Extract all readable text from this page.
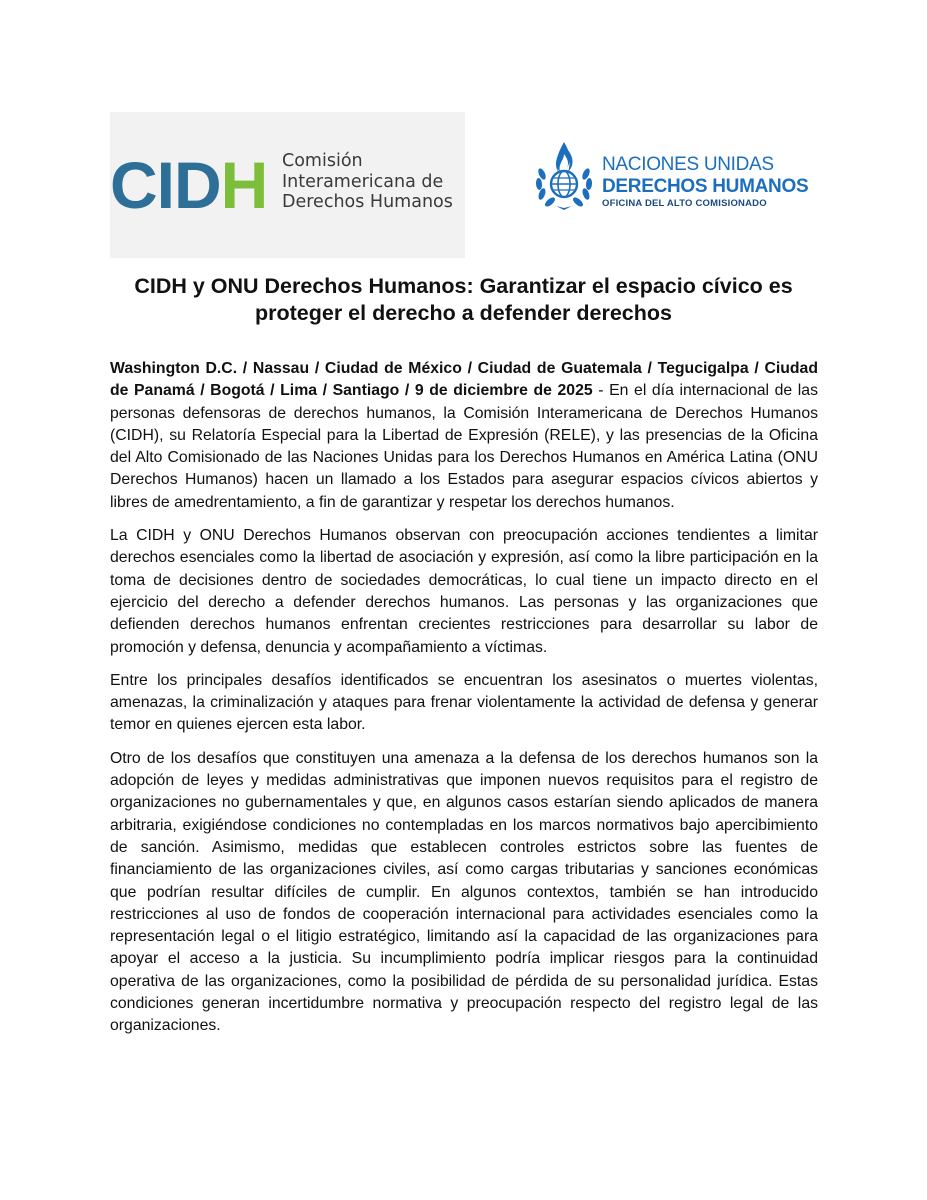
CIDH Comisión
Interamericana de
Derechos Humanos
NACIONES UNIDAS
DERECHOS HUMANOS
OFICINA DEL ALTO COMISIONADO
CIDH y ONU Derechos Humanos: Garantizar el espacio cívico es proteger el derecho a defender derechos

Washington D.C. / Nassau / Ciudad de México / Ciudad de Guatemala / Tegucigalpa / Ciudad de Panamá / Bogotá / Lima / Santiago / 9 de diciembre de 2025 - En el día internacional de las personas defensoras de derechos humanos, la Comisión Interamericana de Derechos Humanos (CIDH), su Relatoría Especial para la Libertad de Expresión (RELE), y las presencias de la Oficina del Alto Comisionado de las Naciones Unidas para los Derechos Humanos en América Latina (ONU Derechos Humanos) hacen un llamado a los Estados para asegurar espacios cívicos abiertos y libres de amedrentamiento, a fin de garantizar y respetar los derechos humanos.

La CIDH y ONU Derechos Humanos observan con preocupación acciones tendientes a limitar derechos esenciales como la libertad de asociación y expresión, así como la libre participación en la toma de decisiones dentro de sociedades democráticas, lo cual tiene un impacto directo en el ejercicio del derecho a defender derechos humanos. Las personas y las organizaciones que defienden derechos humanos enfrentan crecientes restricciones para desarrollar su labor de promoción y defensa, denuncia y acompañamiento a víctimas.

Entre los principales desafíos identificados se encuentran los asesinatos o muertes violentas, amenazas, la criminalización y ataques para frenar violentamente la actividad de defensa y generar temor en quienes ejercen esta labor.

Otro de los desafíos que constituyen una amenaza a la defensa de los derechos humanos son la adopción de leyes y medidas administrativas que imponen nuevos requisitos para el registro de organizaciones no gubernamentales y que, en algunos casos estarían siendo aplicados de manera arbitraria, exigiéndose condiciones no contempladas en los marcos normativos bajo apercibimiento de sanción. Asimismo, medidas que establecen controles estrictos sobre las fuentes de financiamiento de las organizaciones civiles, así como cargas tributarias y sanciones económicas que podrían resultar difíciles de cumplir. En algunos contextos, también se han introducido restricciones al uso de fondos de cooperación internacional para actividades esenciales como la representación legal o el litigio estratégico, limitando así la capacidad de las organizaciones para apoyar el acceso a la justicia. Su incumplimiento podría implicar riesgos para la continuidad operativa de las organizaciones, como la posibilidad de pérdida de su personalidad jurídica. Estas condiciones generan incertidumbre normativa y preocupación respecto del registro legal de las organizaciones.
